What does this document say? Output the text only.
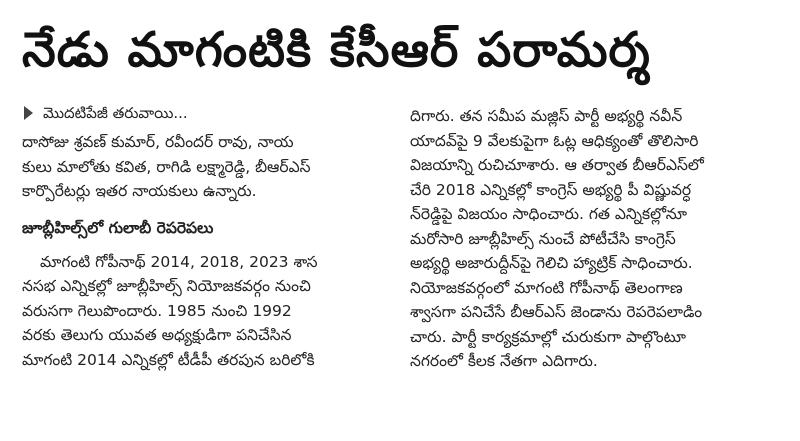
నేడు మాగంటికి కేసీఆర్ పరామర్శ
మొదటిపేజీ తరువాయి...
దాసోజు శ్రవణ్ కుమార్, రవీందర్ రావు, నాయ
కులు మాలోతు కవిత, రాగిడి లక్ష్మారెడ్డి, బీఆర్ఎస్
కార్పొరేటర్లు ఇతర నాయకులు ఉన్నారు.
జూబ్లీహిల్స్‌లో గులాబీ రెపరెపలు
మాగంటి గోపీనాథ్ 2014, 2018, 2023 శాస
నసభ ఎన్నికల్లో జూబ్లీహిల్స్ నియోజకవర్గం నుంచి
వరుసగా గెలుపొందారు. 1985 నుంచి 1992
వరకు తెలుగు యువత అధ్యక్షుడిగా పనిచేసిన
మాగంటి 2014 ఎన్నికల్లో టీడీపీ తరపున బరిలోకి
దిగారు. తన సమీప మజ్లిస్ పార్టీ అభ్యర్థి నవీన్
యాదవ్‌పై 9 వేలకుపైగా ఓట్ల ఆధిక్యంతో తొలిసారి
విజయాన్ని రుచిచూశారు. ఆ తర్వాత బీఆర్ఎస్‌లో
చేరి 2018 ఎన్నికల్లో కాంగ్రెస్ అభ్యర్థి పీ విష్ణువర్ధ
న్‌రెడ్డిపై విజయం సాధించారు. గత ఎన్నికల్లోనూ
మరోసారి జూబ్లీహిల్స్ నుంచే పోటీచేసి కాంగ్రెస్
అభ్యర్థి అజారుద్దీన్‌పై గెలిచి హ్యాట్రిక్ సాధించారు.
నియోజకవర్గంలో మాగంటి గోపీనాథ్ తెలంగాణ
శ్వాసగా పనిచేసే బీఆర్ఎస్ జెండాను రెపరెపలాడిం
చారు. పార్టీ కార్యక్రమాల్లో చురుకుగా పాల్గొంటూ
నగరంలో కీలక నేతగా ఎదిగారు.
